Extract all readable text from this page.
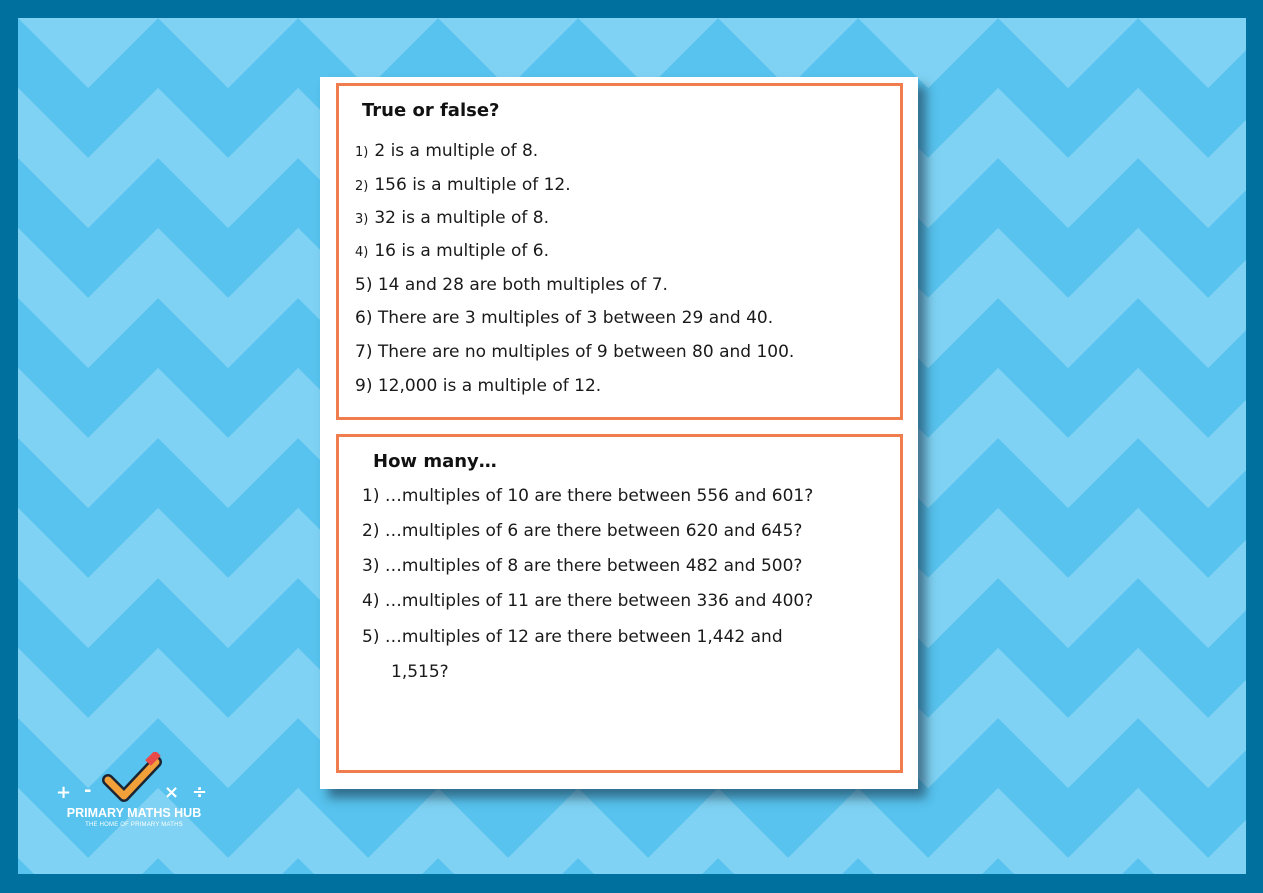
True or false?
1) 2 is a multiple of 8.
2) 156 is a multiple of 12.
3) 32 is a multiple of 8.
4) 16 is a multiple of 6.
5) 14 and 28 are both multiples of 7.
6) There are 3 multiples of 3 between 29 and 40.
7) There are no multiples of 9 between 80 and 100.
9) 12,000 is a multiple of 12.
How many…
1) …multiples of 10 are there between 556 and 601?
2) …multiples of 6 are there between 620 and 645?
3) …multiples of 8 are there between 482 and 500?
4) …multiples of 11 are there between 336 and 400?
5) …multiples of 12 are there between 1,442 and
1,515?
+ -	× ÷
PRIMARY MATHS HUB
THE HOME OF PRIMARY MATHS
